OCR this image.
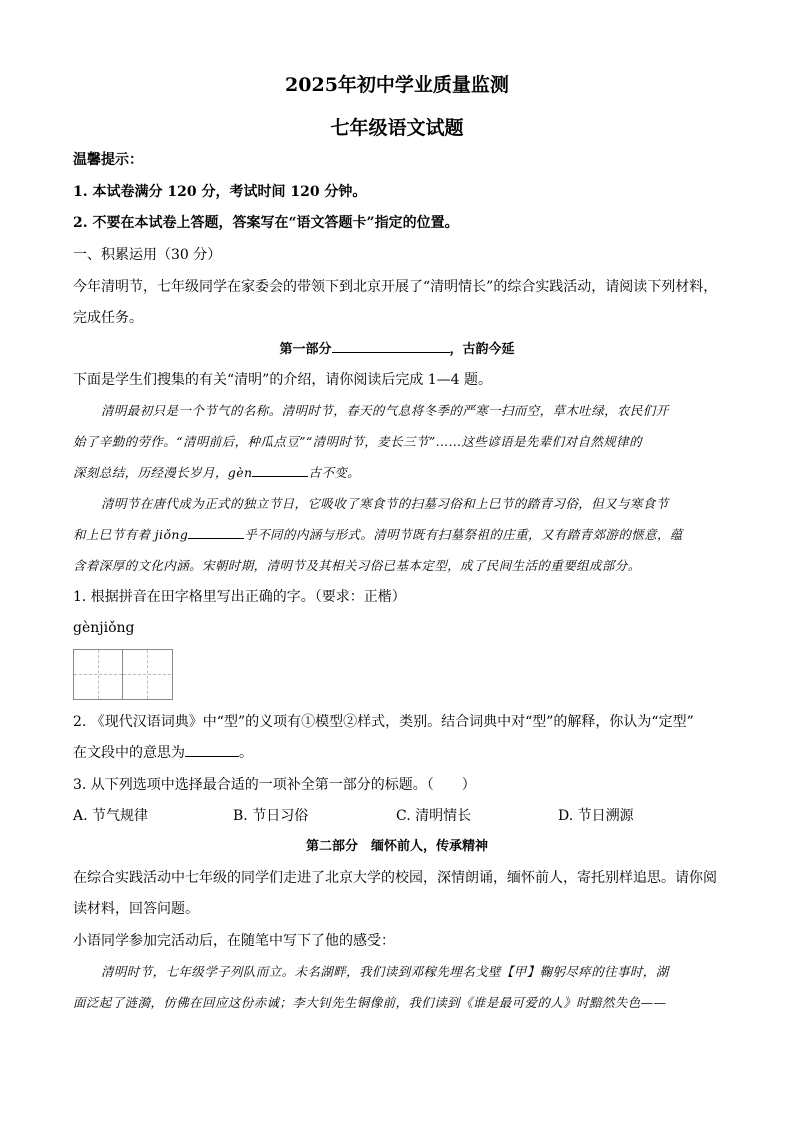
2025年初中学业质量监测
七年级语文试题
温馨提示：
1. 本试卷满分 120 分，考试时间 120 分钟。
2. 不要在本试卷上答题，答案写在“语文答题卡”指定的位置。
一、积累运用（30 分）
今年清明节，七年级同学在家委会的带领下到北京开展了“清明情长”的综合实践活动，请阅读下列材料，
完成任务。
第一部分	，古韵今延
下面是学生们搜集的有关“清明”的介绍，请你阅读后完成 1—4 题。
清明最初只是一个节气的名称。清明时节，春天的气息将冬季的严寒一扫而空，草木吐绿，农民们开
始了辛勤的劳作。“清明前后，种瓜点豆”“清明时节，麦长三节”……这些谚语是先辈们对自然规律的
深刻总结，历经漫长岁月，gèn	古不变。
清明节在唐代成为正式的独立节日，它吸收了寒食节的扫墓习俗和上巳节的踏青习俗，但又与寒食节
和上巳节有着 jiǒng	乎不同的内涵与形式。清明节既有扫墓祭祖的庄重，又有踏青郊游的惬意，蕴
含着深厚的文化内涵。宋朝时期，清明节及其相关习俗已基本定型，成了民间生活的重要组成部分。
1. 根据拼音在田字格里写出正确的字。（要求：正楷）
gènjiǒng
2. 《现代汉语词典》中“型”的义项有①模型②样式，类别。结合词典中对“型”的解释，你认为“定型”
在文段中的意思为	。
3. 从下列选项中选择最合适的一项补全第一部分的标题。（　　）
A. 节气规律	B. 节日习俗	C. 清明情长	D. 节日溯源
第二部分　缅怀前人，传承精神
在综合实践活动中七年级的同学们走进了北京大学的校园，深情朗诵，缅怀前人，寄托别样追思。请你阅
读材料，回答问题。
小语同学参加完活动后，在随笔中写下了他的感受：
清明时节，七年级学子列队而立。未名湖畔，我们读到邓稼先埋名戈壁【甲】鞠躬尽瘁的往事时，湖
面泛起了涟漪，仿佛在回应这份赤诚；李大钊先生铜像前，我们读到《谁是最可爱的人》时黯然失色——
